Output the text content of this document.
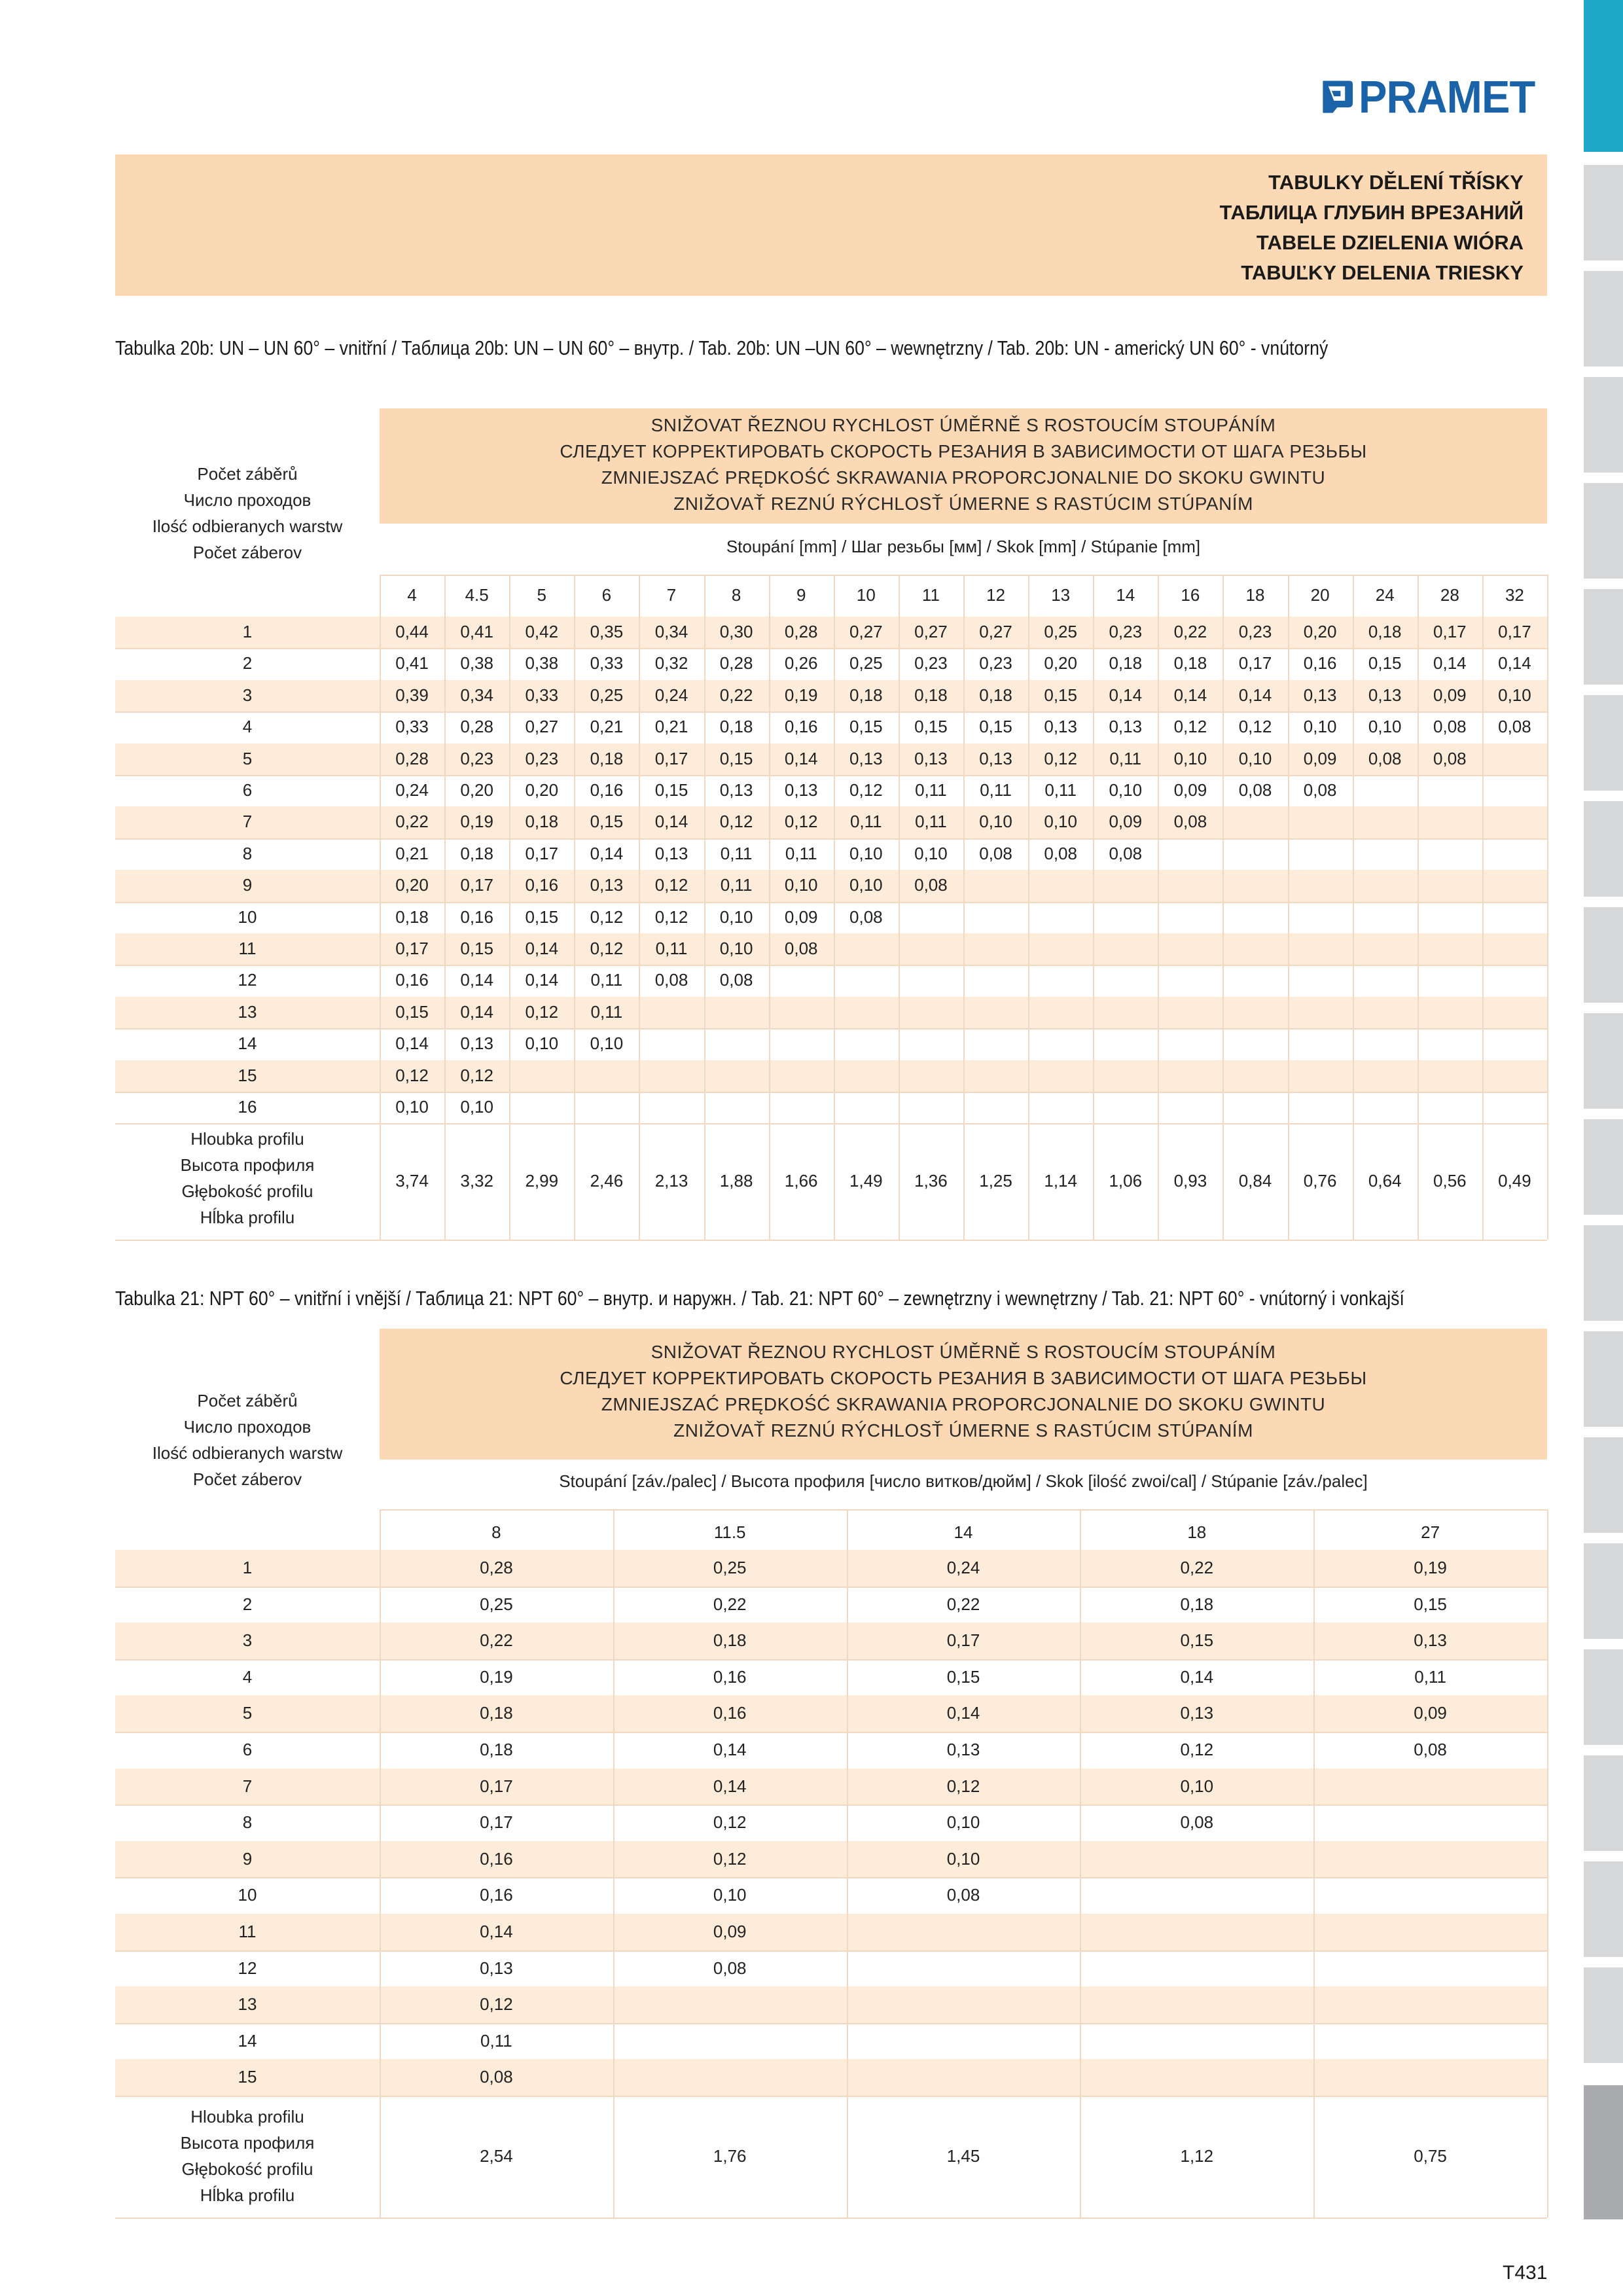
PRAMET
TABULKY DĚLENÍ TŘÍSKY
ТАБЛИЦА ГЛУБИН ВРЕЗАНИЙ
TABELE DZIELENIA WIÓRA
TABUĽKY DELENIA TRIESKY
Tabulka 20b: UN – UN 60° – vnitřní / Таблица 20b: UN – UN 60° – внутр. / Tab. 20b: UN –UN 60° – wewnętrzny / Tab. 20b: UN - americký UN 60° - vnútorný
Tabulka 21: NPT 60° – vnitřní i vnější / Таблица 21: NPT 60° – внутр. и наружн. / Tab. 21: NPT 60° – zewnętrzny i wewnętrzny / Tab. 21: NPT 60° - vnútorný i vonkajší
SNIŽOVAT ŘEZNOU RYCHLOST ÚMĚRNĚ S ROSTOUCÍM STOUPÁNÍM
СЛЕДУЕТ КОРРЕКТИРОВАТЬ СКОРОСТЬ РЕЗАНИЯ В ЗАВИСИМОСТИ ОТ ШАГА РЕЗЬБЫ
ZMNIEJSZAĆ PRĘDKOŚĆ SKRAWANIA PROPORCJONALNIE DO SKOKU GWINTU
ZNIŽOVAŤ REZNÚ RÝCHLOSŤ ÚMERNE S RASTÚCIM STÚPANÍM
Počet záběrů
Число проходов
Ilość odbieranych warstw
Počet záberov	Stoupání [mm] / Шаг резьбы [мм] / Skok [mm] / Stúpanie [mm]
4	4.5	5	6	7	8	9	10	11	12	13	14	16	18	20	24	28	32
1	0,44	0,41	0,42	0,35	0,34	0,30	0,28	0,27	0,27	0,27	0,25	0,23	0,22	0,23	0,20	0,18	0,17	0,17
2	0,41	0,38	0,38	0,33	0,32	0,28	0,26	0,25	0,23	0,23	0,20	0,18	0,18	0,17	0,16	0,15	0,14	0,14
3	0,39	0,34	0,33	0,25	0,24	0,22	0,19	0,18	0,18	0,18	0,15	0,14	0,14	0,14	0,13	0,13	0,09	0,10
4	0,33	0,28	0,27	0,21	0,21	0,18	0,16	0,15	0,15	0,15	0,13	0,13	0,12	0,12	0,10	0,10	0,08	0,08
5	0,28	0,23	0,23	0,18	0,17	0,15	0,14	0,13	0,13	0,13	0,12	0,11	0,10	0,10	0,09	0,08	0,08
6	0,24	0,20	0,20	0,16	0,15	0,13	0,13	0,12	0,11	0,11	0,11	0,10	0,09	0,08	0,08
7	0,22	0,19	0,18	0,15	0,14	0,12	0,12	0,11	0,11	0,10	0,10	0,09	0,08
8	0,21	0,18	0,17	0,14	0,13	0,11	0,11	0,10	0,10	0,08	0,08	0,08
9	0,20	0,17	0,16	0,13	0,12	0,11	0,10	0,10	0,08
10	0,18	0,16	0,15	0,12	0,12	0,10	0,09	0,08
11	0,17	0,15	0,14	0,12	0,11	0,10	0,08
12	0,16	0,14	0,14	0,11	0,08	0,08
13	0,15	0,14	0,12	0,11
14	0,14	0,13	0,10	0,10
15	0,12	0,12
16	0,10	0,10
Hloubka profilu
Высота профиля
Głębokość profilu
Hĺbka profilu
3,74	3,32	2,99	2,46	2,13	1,88	1,66	1,49	1,36	1,25	1,14	1,06	0,93	0,84	0,76	0,64	0,56	0,49
SNIŽOVAT ŘEZNOU RYCHLOST ÚMĚRNĚ S ROSTOUCÍM STOUPÁNÍM
СЛЕДУЕТ КОРРЕКТИРОВАТЬ СКОРОСТЬ РЕЗАНИЯ В ЗАВИСИМОСТИ ОТ ШАГА РЕЗЬБЫ
ZMNIEJSZAĆ PRĘDKOŚĆ SKRAWANIA PROPORCJONALNIE DO SKOKU GWINTU
ZNIŽOVAŤ REZNÚ RÝCHLOSŤ ÚMERNE S RASTÚCIM STÚPANÍM
Počet záběrů
Число проходов
Ilość odbieranych warstw
Počet záberov	Stoupání [záv./palec] / Высота профиля [число витков/дюйм] / Skok [ilość zwoi/cal] / Stúpanie [záv./palec]
8	11.5	14	18	27
1	0,28	0,25	0,24	0,22	0,19
2	0,25	0,22	0,22	0,18	0,15
3	0,22	0,18	0,17	0,15	0,13
4	0,19	0,16	0,15	0,14	0,11
5	0,18	0,16	0,14	0,13	0,09
6	0,18	0,14	0,13	0,12	0,08
7	0,17	0,14	0,12	0,10
8	0,17	0,12	0,10	0,08
9	0,16	0,12	0,10
10	0,16	0,10	0,08
11	0,14	0,09
12	0,13	0,08
13	0,12
14	0,11
15	0,08
Hloubka profilu
Высота профиля
Głębokość profilu
Hĺbka profilu
2,54	1,76	1,45	1,12	0,75
T431
